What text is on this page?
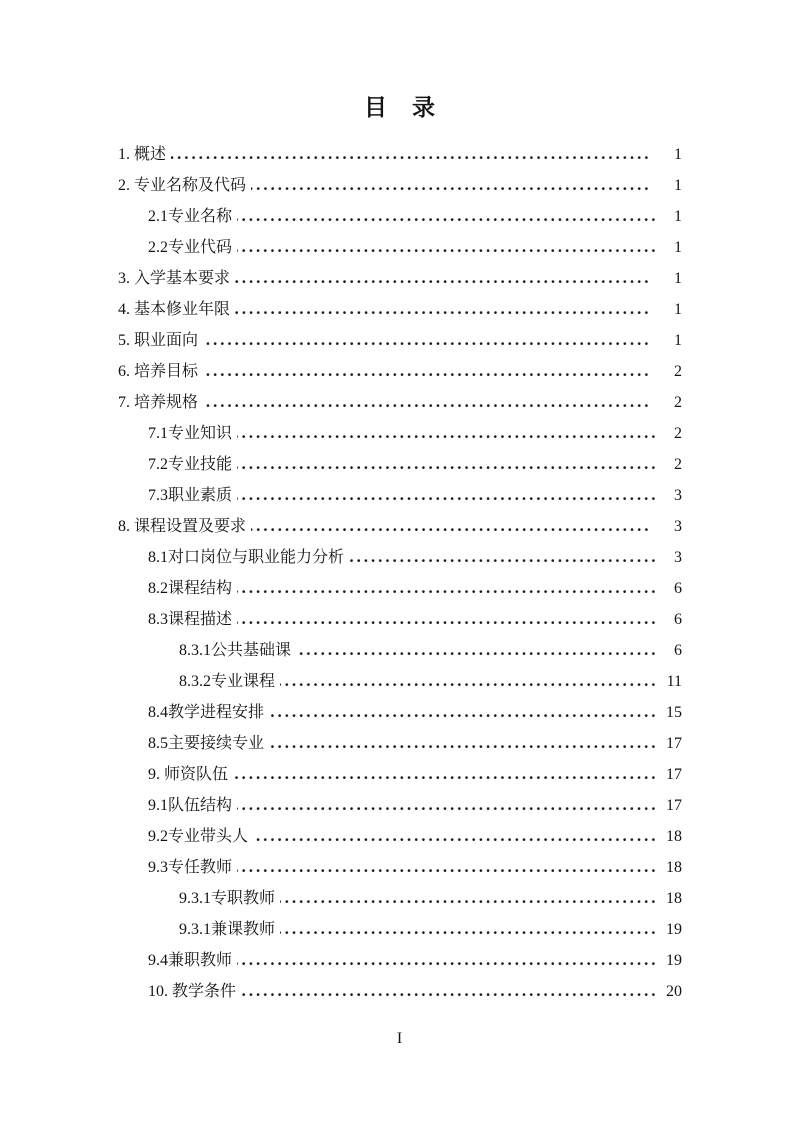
目　录
1. 概述	1
2. 专业名称及代码	1
2.1专业名称	1
2.2专业代码	1
3. 入学基本要求	1
4. 基本修业年限	1
5. 职业面向	1
6. 培养目标	2
7. 培养规格	2
7.1专业知识	2
7.2专业技能	2
7.3职业素质	3
8. 课程设置及要求	3
8.1对口岗位与职业能力分析	3
8.2课程结构	6
8.3课程描述	6
8.3.1公共基础课	6
8.3.2专业课程	11
8.4教学进程安排	15
8.5主要接续专业	17
9. 师资队伍	17
9.1队伍结构	17
9.2专业带头人	18
9.3专任教师	18
9.3.1专职教师	18
9.3.1兼课教师	19
9.4兼职教师	19
10. 教学条件	20
I
